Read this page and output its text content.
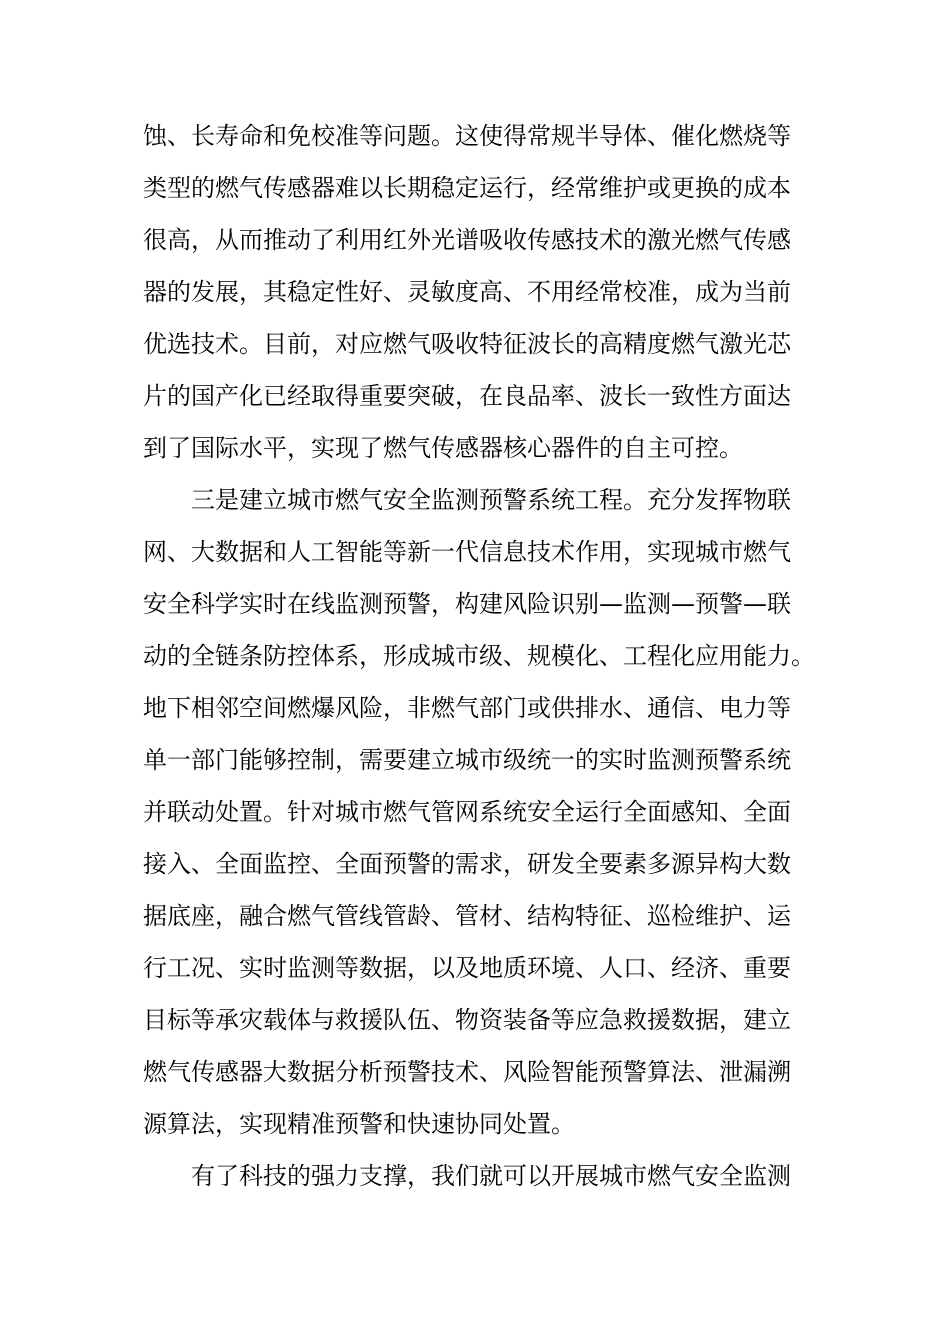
蚀、长寿命和免校准等问题。这使得常规半导体、催化燃烧等
类型的燃气传感器难以长期稳定运行，经常维护或更换的成本
很高，从而推动了利用红外光谱吸收传感技术的激光燃气传感
器的发展，其稳定性好、灵敏度高、不用经常校准，成为当前
优选技术。目前，对应燃气吸收特征波长的高精度燃气激光芯
片的国产化已经取得重要突破，在良品率、波长一致性方面达
到了国际水平，实现了燃气传感器核心器件的自主可控。
三是建立城市燃气安全监测预警系统工程。充分发挥物联
网、大数据和人工智能等新一代信息技术作用，实现城市燃气
安全科学实时在线监测预警，构建风险识别—监测—预警—联
动的全链条防控体系，形成城市级、规模化、工程化应用能力。
地下相邻空间燃爆风险，非燃气部门或供排水、通信、电力等
单一部门能够控制，需要建立城市级统一的实时监测预警系统
并联动处置。针对城市燃气管网系统安全运行全面感知、全面
接入、全面监控、全面预警的需求，研发全要素多源异构大数
据底座，融合燃气管线管龄、管材、结构特征、巡检维护、运
行工况、实时监测等数据，以及地质环境、人口、经济、重要
目标等承灾载体与救援队伍、物资装备等应急救援数据，建立
燃气传感器大数据分析预警技术、风险智能预警算法、泄漏溯
源算法，实现精准预警和快速协同处置。
有了科技的强力支撑，我们就可以开展城市燃气安全监测
